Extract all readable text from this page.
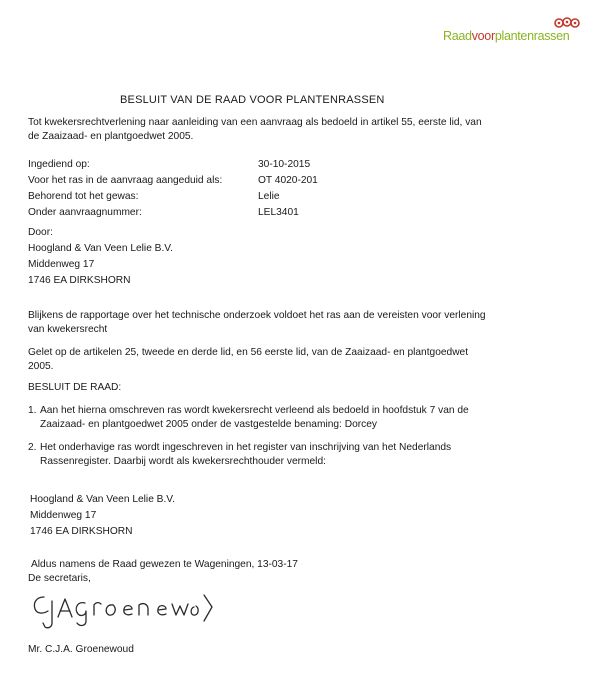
Raadvoorplantenrassen
BESLUIT VAN DE RAAD VOOR PLANTENRASSEN
Tot kwekersrechtverlening naar aanleiding van een aanvraag als bedoeld in artikel 55, eerste lid, van
de Zaaizaad- en plantgoedwet 2005.
Ingediend op:	30-10-2015
Voor het ras in de aanvraag aangeduid als:	OT 4020-201
Behorend tot het gewas:	Lelie
Onder aanvraagnummer:	LEL3401
Door:
Hoogland & Van Veen Lelie B.V.
Middenweg 17
1746 EA DIRKSHORN
Blijkens de rapportage over het technische onderzoek voldoet het ras aan de vereisten voor verlening
van kwekersrecht
Gelet op de artikelen 25, tweede en derde lid, en 56 eerste lid, van de Zaaizaad- en plantgoedwet
2005.
BESLUIT DE RAAD:
1. Aan het hierna omschreven ras wordt kwekersrecht verleend als bedoeld in hoofdstuk 7 van de
Zaaizaad- en plantgoedwet 2005 onder de vastgestelde benaming: Dorcey
2. Het onderhavige ras wordt ingeschreven in het register van inschrijving van het Nederlands
Rassenregister. Daarbij wordt als kwekersrechthouder vermeld:
Hoogland & Van Veen Lelie B.V.
Middenweg 17
1746 EA DIRKSHORN
Aldus namens de Raad gewezen te Wageningen, 13-03-17
De secretaris,
Mr. C.J.A. Groenewoud
